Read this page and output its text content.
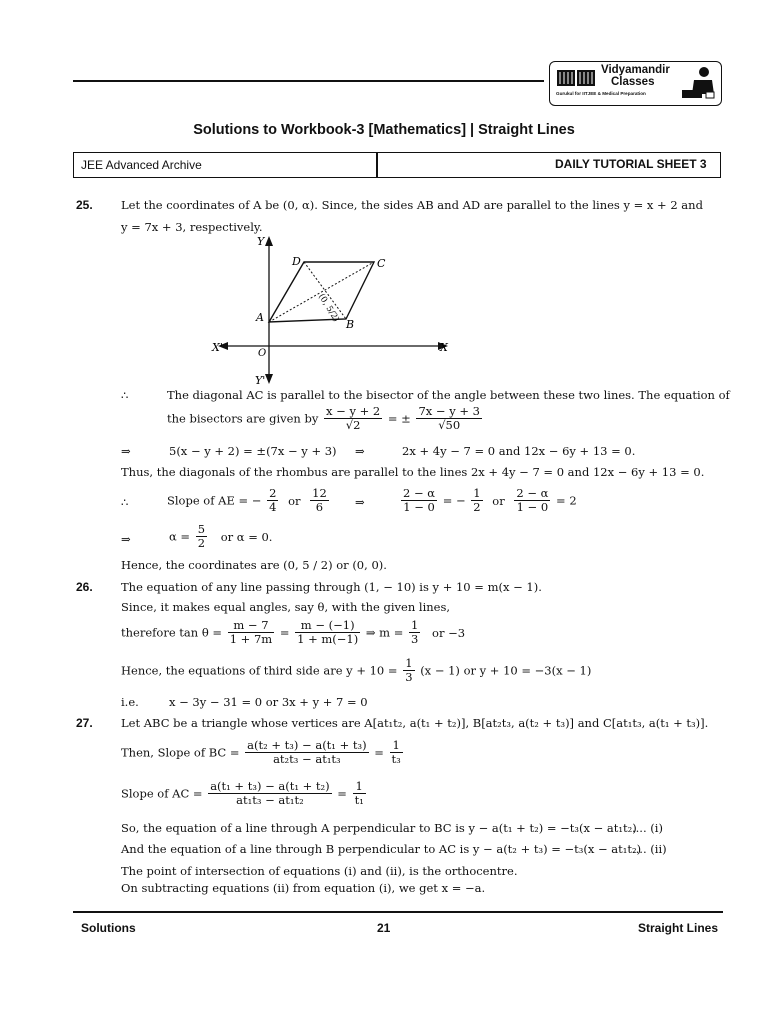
Vidyamandir
Classes
Gurukul for IITJEE & Medical Preparation
Solutions to Workbook-3 [Mathematics] | Straight Lines
JEE Advanced Archive	DAILY TUTORIAL SHEET 3
25. Let the coordinates of A be (0, α). Since, the sides AB and AD are parallel to the lines y = x + 2 and
y = 7x + 3, respectively.
Y
Y'
X
X'	O
A
B
C
D
(0, 5/2)
∴	The diagonal AC is parallel to the bisector of the angle between these two lines. The equation of
the bisectors are given by $\frac{x - y + 2}{√2}$ = ± $\frac{7x - y + 3}{√50}$
⇒	5(x − y + 2) = ±(7x − y + 3) ⇒	2x + 4y − 7 = 0 and 12x − 6y + 13 = 0.
Thus, the diagonals of the rhombus are parallel to the lines 2x + 4y − 7 = 0 and 12x − 6y + 13 = 0.
∴	Slope of AE = − $\frac{2}{4}$ or $\frac{12}{6}$ ⇒	$\frac{2 - \alpha}{1 - 0}$ = − $\frac{1}{2}$ or $\frac{2 - \alpha}{1 - 0} = 2$
⇒	$\alpha = \frac{5}{2}$ or α = 0.
Hence, the coordinates are (0, 5 / 2) or (0, 0).
26. The equation of any line passing through (1, − 10) is y + 10 = m(x − 1).
Since, it makes equal angles, say θ, with the given lines,
therefore $\tan \theta = \frac{m - 7}{1 + 7m} = \frac{m - (-1)}{1 + m(-1)}$ ⇒ $m = \frac{1}{3}$ or −3
Hence, the equations of third side are $y + 10 = \frac{1}{3} (x - 1)$ or y + 10 = −3(x − 1)
i.e.	x − 3y − 31 = 0 or 3x + y + 7 = 0
27. Let ABC be a triangle whose vertices are A[at₁t₂, a(t₁ + t₂)], B[at₂t₃, a(t₂ + t₃)] and C[at₁t₃, a(t₁ + t₃)].
Then, Slope of BC = $\frac{\text{a(t₂ + t₃) − a(t₁ + t₃)}}{\text{at₂t₃ − at₁t₃}} = \frac{1}{\text{t₃}}$
Slope of AC = $\frac{\text{a(t₁ + t₃) − a(t₁ + t₂)}}{\text{at₁t₃ − at₁t₂}} = \frac{1}{\text{t₁}}$
So, the equation of a line through A perpendicular to BC is y − a(t₁ + t₂) = −t₃(x − at₁t₂)
.... (i)
And the equation of a line through B perpendicular to AC is y − a(t₂ + t₃) = −t₃(x − at₁t₂)
.... (ii)
The point of intersection of equations (i) and (ii), is the orthocentre.
On subtracting equations (ii) from equation (i), we get x = −a.
Solutions	21	Straight Lines
